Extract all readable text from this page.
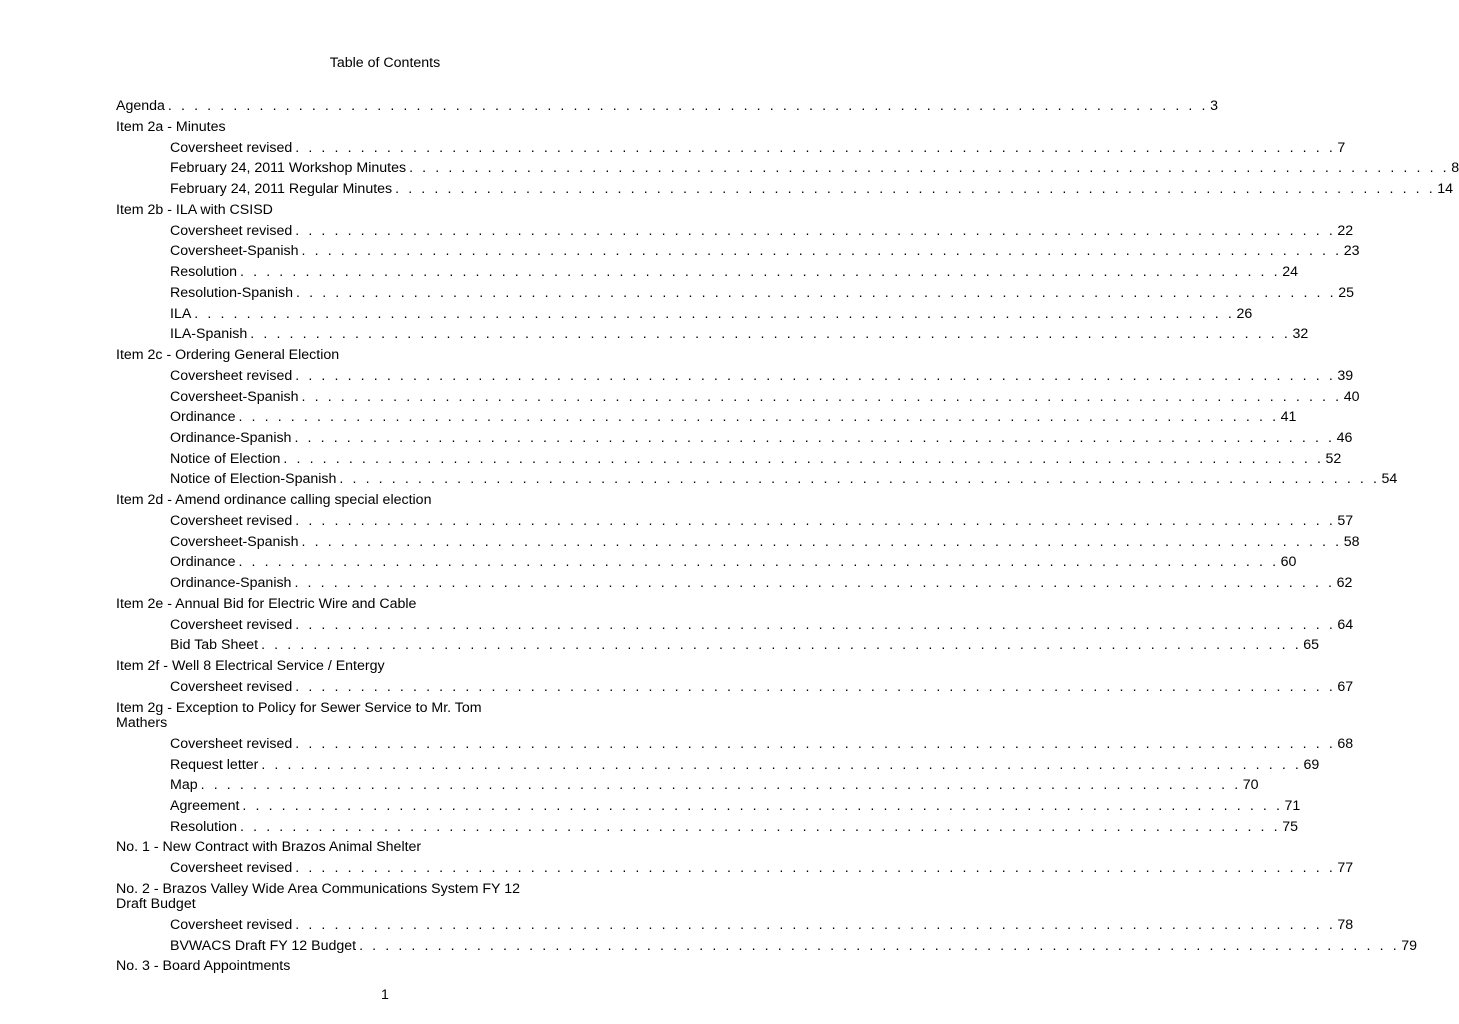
Table of Contents
Agenda . . . . . . . . . . . . . . . . . . . . . . . . . . . . . . . . . . . . . . . . . . . . . . . . . . . . . . . . . . . . . . . . . . . . . . . . . . . . . . . . 3
Item 2a - Minutes
Coversheet revised . . . . . . . . . . . . . . . . . . . . . . . . . . . . . . . . . . . . . . . . . . . . . . . . . . . . . . . . . . . . . . . . . . . . . . . . . . . . . . . . 7
February 24, 2011 Workshop Minutes . . . . . . . . . . . . . . . . . . . . . . . . . . . . . . . . . . . . . . . . . . . . . . . . . . . . . . . . . . . . . . . . . . . . . . . . . . . . . . . . 8
February 24, 2011 Regular Minutes . . . . . . . . . . . . . . . . . . . . . . . . . . . . . . . . . . . . . . . . . . . . . . . . . . . . . . . . . . . . . . . . . . . . . . . . . . . . . . . . 14
Item 2b - ILA with CSISD
Coversheet revised . . . . . . . . . . . . . . . . . . . . . . . . . . . . . . . . . . . . . . . . . . . . . . . . . . . . . . . . . . . . . . . . . . . . . . . . . . . . . . . . 22
Coversheet-Spanish . . . . . . . . . . . . . . . . . . . . . . . . . . . . . . . . . . . . . . . . . . . . . . . . . . . . . . . . . . . . . . . . . . . . . . . . . . . . . . . . 23
Resolution . . . . . . . . . . . . . . . . . . . . . . . . . . . . . . . . . . . . . . . . . . . . . . . . . . . . . . . . . . . . . . . . . . . . . . . . . . . . . . . . 24
Resolution-Spanish . . . . . . . . . . . . . . . . . . . . . . . . . . . . . . . . . . . . . . . . . . . . . . . . . . . . . . . . . . . . . . . . . . . . . . . . . . . . . . . . 25
ILA . . . . . . . . . . . . . . . . . . . . . . . . . . . . . . . . . . . . . . . . . . . . . . . . . . . . . . . . . . . . . . . . . . . . . . . . . . . . . . . . 26
ILA-Spanish . . . . . . . . . . . . . . . . . . . . . . . . . . . . . . . . . . . . . . . . . . . . . . . . . . . . . . . . . . . . . . . . . . . . . . . . . . . . . . . . 32
Item 2c - Ordering General Election
Coversheet revised . . . . . . . . . . . . . . . . . . . . . . . . . . . . . . . . . . . . . . . . . . . . . . . . . . . . . . . . . . . . . . . . . . . . . . . . . . . . . . . . 39
Coversheet-Spanish . . . . . . . . . . . . . . . . . . . . . . . . . . . . . . . . . . . . . . . . . . . . . . . . . . . . . . . . . . . . . . . . . . . . . . . . . . . . . . . . 40
Ordinance . . . . . . . . . . . . . . . . . . . . . . . . . . . . . . . . . . . . . . . . . . . . . . . . . . . . . . . . . . . . . . . . . . . . . . . . . . . . . . . . 41
Ordinance-Spanish . . . . . . . . . . . . . . . . . . . . . . . . . . . . . . . . . . . . . . . . . . . . . . . . . . . . . . . . . . . . . . . . . . . . . . . . . . . . . . . . 46
Notice of Election . . . . . . . . . . . . . . . . . . . . . . . . . . . . . . . . . . . . . . . . . . . . . . . . . . . . . . . . . . . . . . . . . . . . . . . . . . . . . . . . 52
Notice of Election-Spanish . . . . . . . . . . . . . . . . . . . . . . . . . . . . . . . . . . . . . . . . . . . . . . . . . . . . . . . . . . . . . . . . . . . . . . . . . . . . . . . . 54
Item 2d - Amend ordinance calling special election
Coversheet revised . . . . . . . . . . . . . . . . . . . . . . . . . . . . . . . . . . . . . . . . . . . . . . . . . . . . . . . . . . . . . . . . . . . . . . . . . . . . . . . . 57
Coversheet-Spanish . . . . . . . . . . . . . . . . . . . . . . . . . . . . . . . . . . . . . . . . . . . . . . . . . . . . . . . . . . . . . . . . . . . . . . . . . . . . . . . . 58
Ordinance . . . . . . . . . . . . . . . . . . . . . . . . . . . . . . . . . . . . . . . . . . . . . . . . . . . . . . . . . . . . . . . . . . . . . . . . . . . . . . . . 60
Ordinance-Spanish . . . . . . . . . . . . . . . . . . . . . . . . . . . . . . . . . . . . . . . . . . . . . . . . . . . . . . . . . . . . . . . . . . . . . . . . . . . . . . . . 62
Item 2e - Annual Bid for Electric Wire and Cable
Coversheet revised . . . . . . . . . . . . . . . . . . . . . . . . . . . . . . . . . . . . . . . . . . . . . . . . . . . . . . . . . . . . . . . . . . . . . . . . . . . . . . . . 64
Bid Tab Sheet . . . . . . . . . . . . . . . . . . . . . . . . . . . . . . . . . . . . . . . . . . . . . . . . . . . . . . . . . . . . . . . . . . . . . . . . . . . . . . . . 65
Item 2f - Well 8 Electrical Service / Entergy
Coversheet revised . . . . . . . . . . . . . . . . . . . . . . . . . . . . . . . . . . . . . . . . . . . . . . . . . . . . . . . . . . . . . . . . . . . . . . . . . . . . . . . . 67
Item 2g - Exception to Policy for Sewer Service to Mr. Tom Mathers
Coversheet revised . . . . . . . . . . . . . . . . . . . . . . . . . . . . . . . . . . . . . . . . . . . . . . . . . . . . . . . . . . . . . . . . . . . . . . . . . . . . . . . . 68
Request letter . . . . . . . . . . . . . . . . . . . . . . . . . . . . . . . . . . . . . . . . . . . . . . . . . . . . . . . . . . . . . . . . . . . . . . . . . . . . . . . . 69
Map . . . . . . . . . . . . . . . . . . . . . . . . . . . . . . . . . . . . . . . . . . . . . . . . . . . . . . . . . . . . . . . . . . . . . . . . . . . . . . . . 70
Agreement . . . . . . . . . . . . . . . . . . . . . . . . . . . . . . . . . . . . . . . . . . . . . . . . . . . . . . . . . . . . . . . . . . . . . . . . . . . . . . . . 71
Resolution . . . . . . . . . . . . . . . . . . . . . . . . . . . . . . . . . . . . . . . . . . . . . . . . . . . . . . . . . . . . . . . . . . . . . . . . . . . . . . . . 75
No. 1 - New Contract with Brazos Animal Shelter
Coversheet revised . . . . . . . . . . . . . . . . . . . . . . . . . . . . . . . . . . . . . . . . . . . . . . . . . . . . . . . . . . . . . . . . . . . . . . . . . . . . . . . . 77
No. 2 - Brazos Valley Wide Area Communications System FY 12 Draft Budget
Coversheet revised . . . . . . . . . . . . . . . . . . . . . . . . . . . . . . . . . . . . . . . . . . . . . . . . . . . . . . . . . . . . . . . . . . . . . . . . . . . . . . . . 78
BVWACS Draft FY 12 Budget . . . . . . . . . . . . . . . . . . . . . . . . . . . . . . . . . . . . . . . . . . . . . . . . . . . . . . . . . . . . . . . . . . . . . . . . . . . . . . . . 79
No. 3 - Board Appointments
1
